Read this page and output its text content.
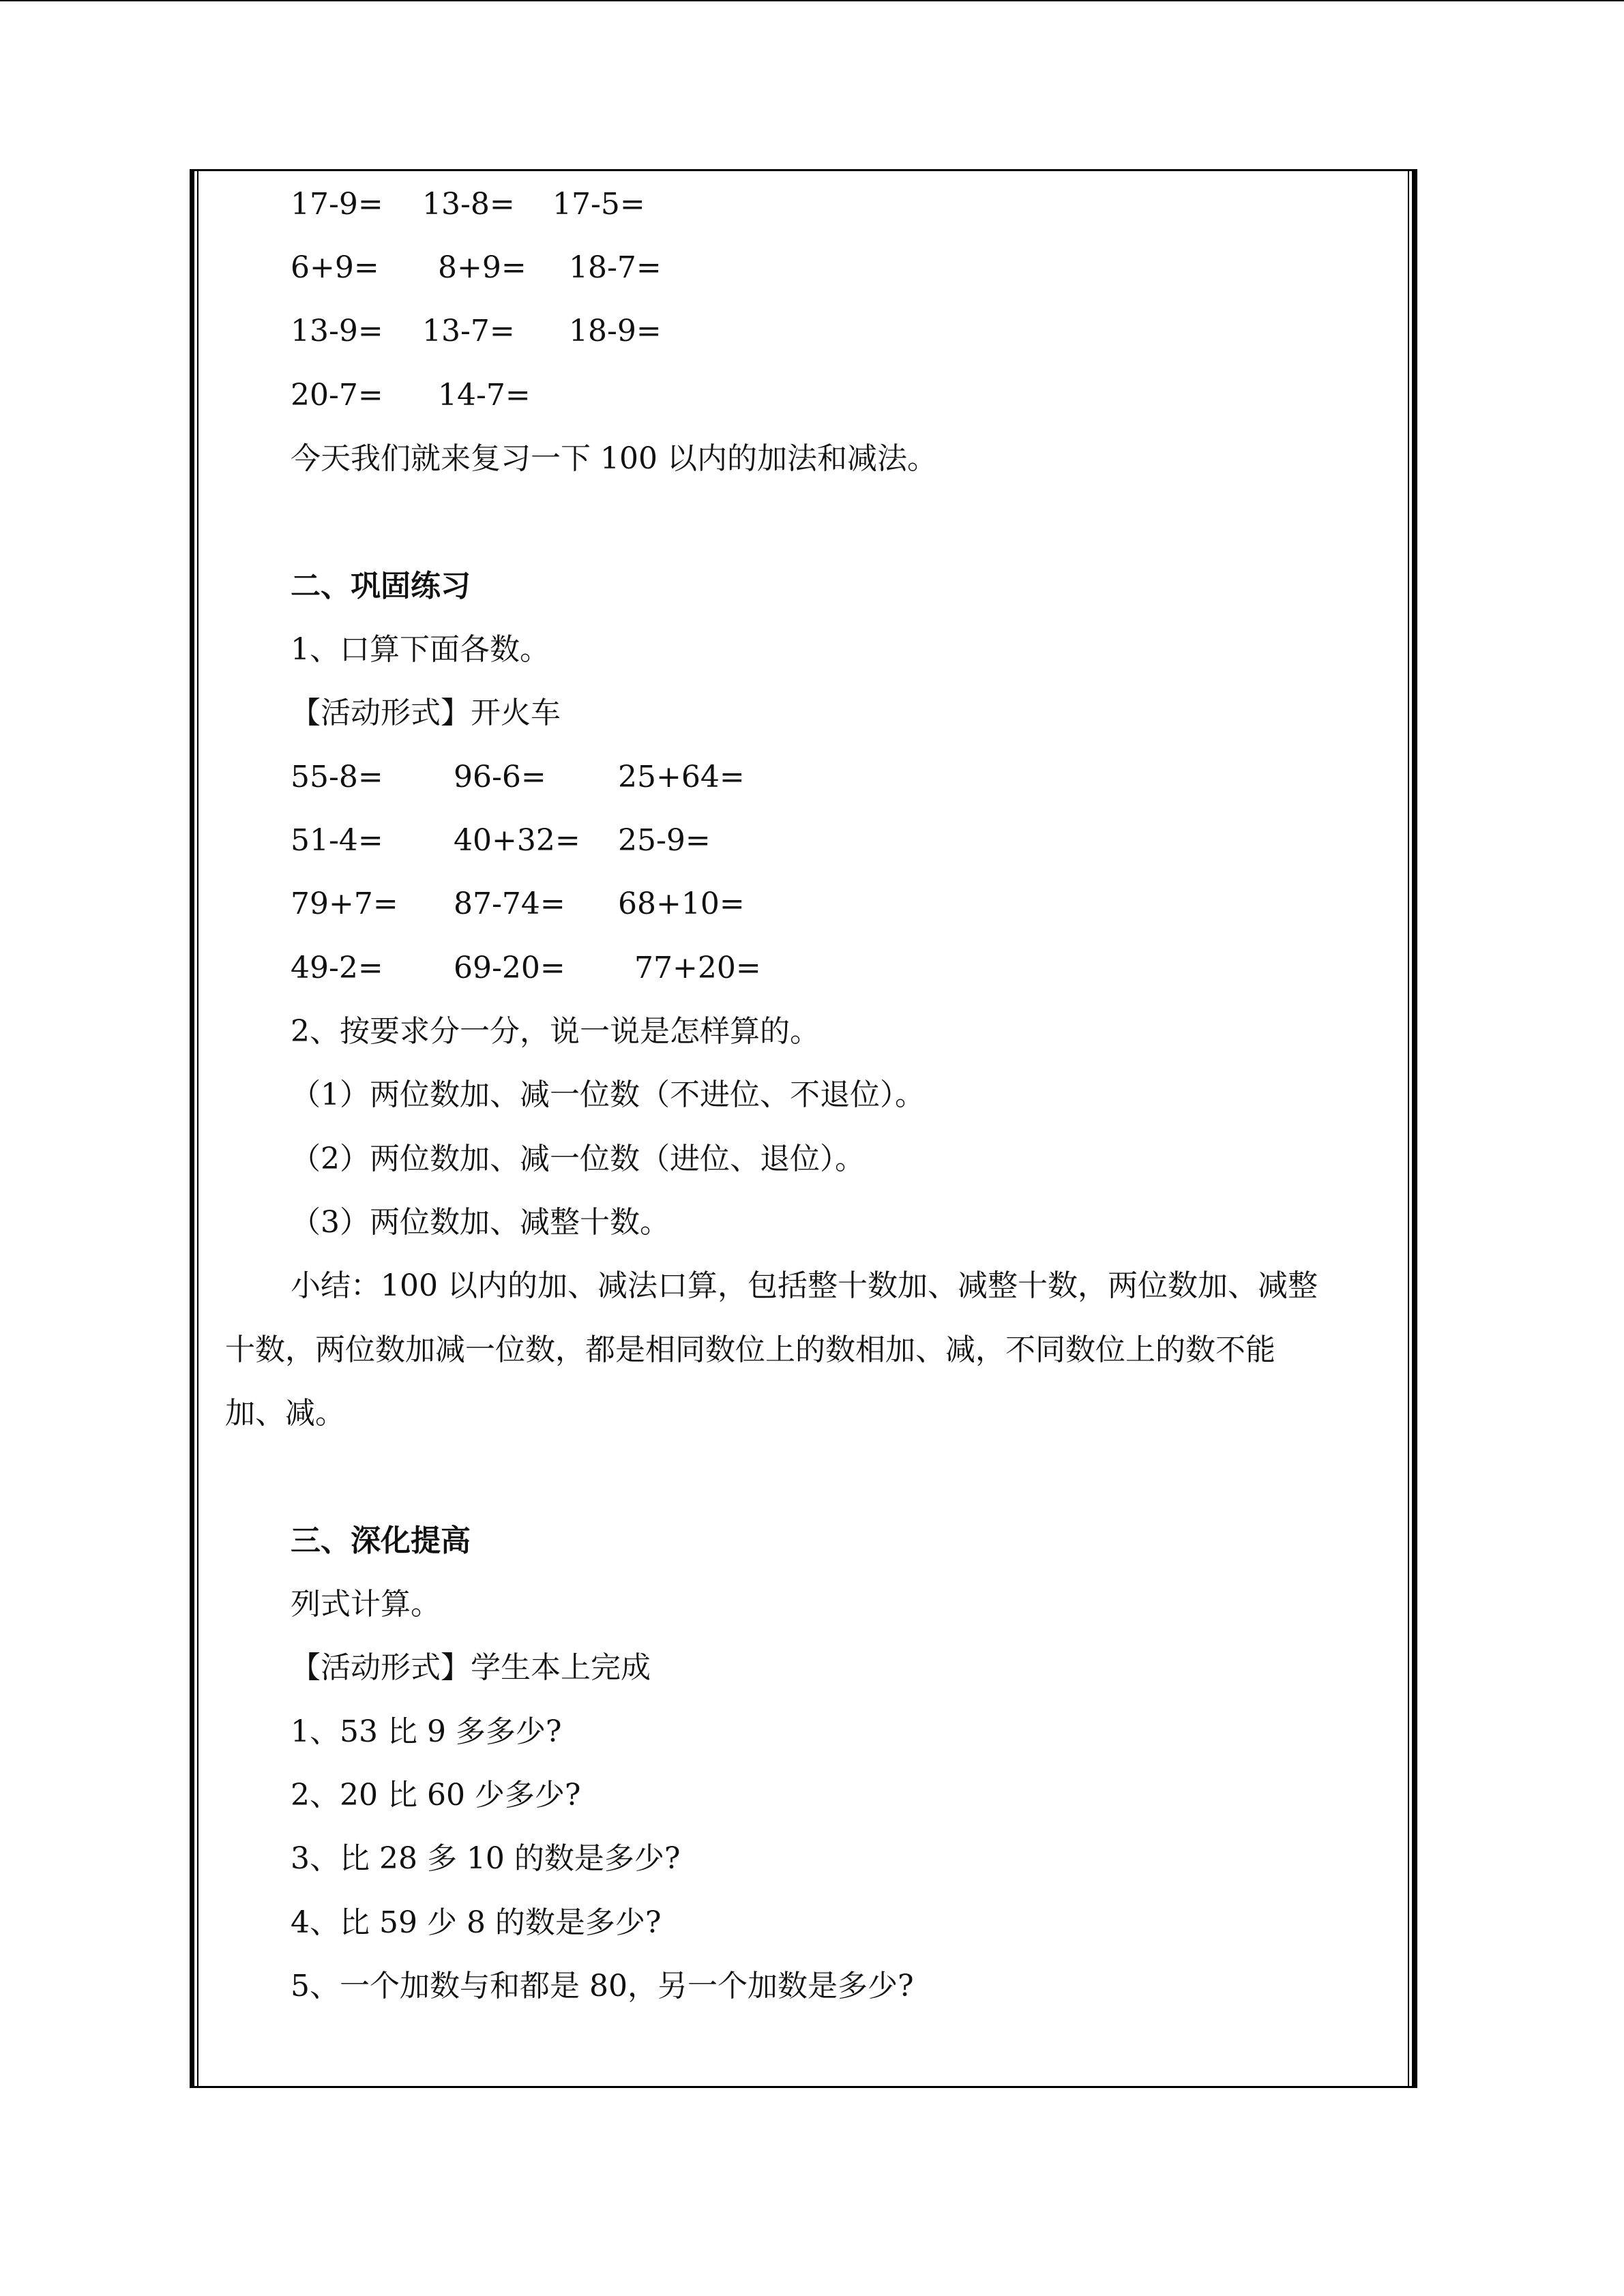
17-9= 13-8= 17-5=
6+9= 8+9= 18-7=
13-9= 13-7= 18-9=
20-7= 14-7=
今天我们就来复习一下 100 以内的加法和减法。
二、巩固练习
1、口算下面各数。
【活动形式】开火车
55-8= 96-6= 25+64=
51-4= 40+32= 25-9=
79+7= 87-74= 68+10=
49-2= 69-20= 77+20=
2、按要求分一分，说一说是怎样算的。
（1）两位数加、减一位数（不进位、不退位）。
（2）两位数加、减一位数（进位、退位）。
（3）两位数加、减整十数。
小结：100 以内的加、减法口算，包括整十数加、减整十数，两位数加、减整
十数，两位数加减一位数，都是相同数位上的数相加、减，不同数位上的数不能
加、减。
三、深化提高
列式计算。
【活动形式】学生本上完成
1、53 比 9 多多少?
2、20 比 60 少多少?
3、比 28 多 10 的数是多少?
4、比 59 少 8 的数是多少?
5、一个加数与和都是 80，另一个加数是多少?
